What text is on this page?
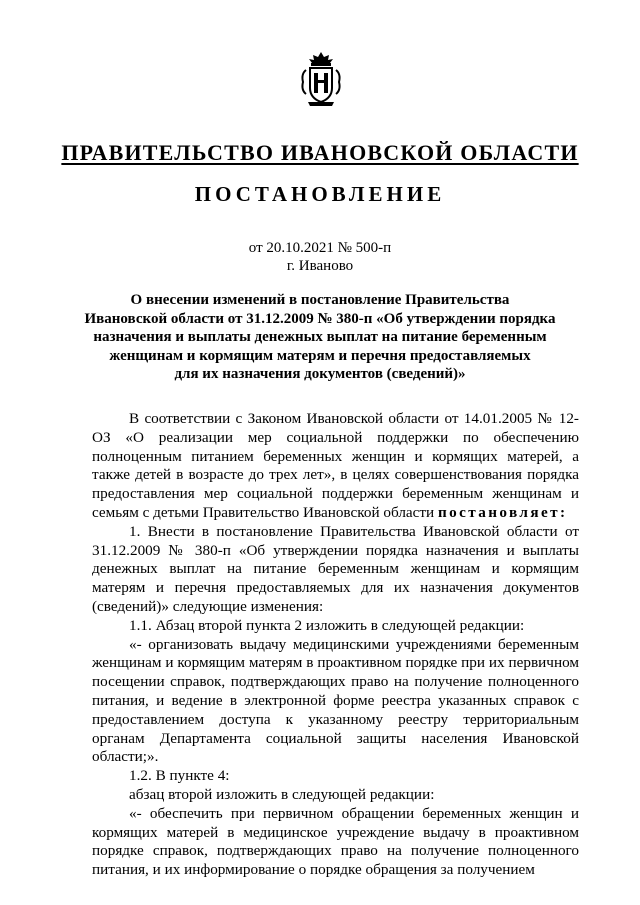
ПРАВИТЕЛЬСТВО ИВАНОВСКОЙ ОБЛАСТИ
ПОСТАНОВЛЕНИЕ
от 20.10.2021 № 500-п
г. Иваново
О внесении изменений в постановление Правительства
Ивановской области от 31.12.2009 № 380-п «Об утверждении порядка
назначения и выплаты денежных выплат на питание беременным
женщинам и кормящим матерям и перечня предоставляемых
для их назначения документов (сведений)»

В соответствии с Законом Ивановской области от 14.01.2005 № 12-ОЗ «О реализации мер социальной поддержки по обеспечению полноценным питанием беременных женщин и кормящих матерей, а также детей в возрасте до трех лет», в целях совершенствования порядка предоставления мер социальной поддержки беременным женщинам и семьям с детьми Правительство Ивановской области постановляет:

1. Внести в постановление Правительства Ивановской области от 31.12.2009 № 380-п «Об утверждении порядка назначения и выплаты денежных выплат на питание беременным женщинам и кормящим матерям и перечня предоставляемых для их назначения документов (сведений)» следующие изменения:

1.1. Абзац второй пункта 2 изложить в следующей редакции:

«- организовать выдачу медицинскими учреждениями беременным женщинам и кормящим матерям в проактивном порядке при их первичном посещении справок, подтверждающих право на получение полноценного питания, и ведение в электронной форме реестра указанных справок с предоставлением доступа к указанному реестру территориальным органам Департамента социальной защиты населения Ивановской области;».

1.2. В пункте 4:

абзац второй изложить в следующей редакции:

«- обеспечить при первичном обращении беременных женщин и кормящих матерей в медицинское учреждение выдачу в проактивном порядке справок, подтверждающих право на получение полноценного питания, и их информирование о порядке обращения за получением
